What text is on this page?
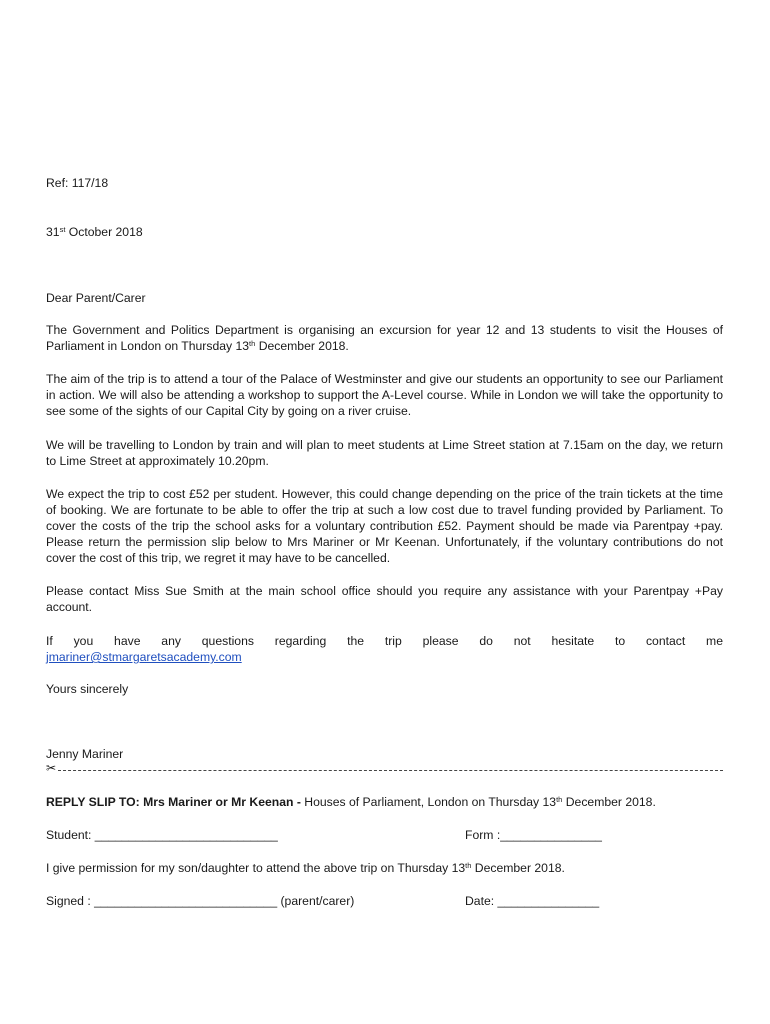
Ref: 117/18
31st October 2018
Dear Parent/Carer
The Government and Politics Department is organising an excursion for year 12 and 13 students to visit the Houses of Parliament in London on Thursday 13th December 2018.
The aim of the trip is to attend a tour of the Palace of Westminster and give our students an opportunity to see our Parliament in action. We will also be attending a workshop to support the A-Level course. While in London we will take the opportunity to see some of the sights of our Capital City by going on a river cruise.
We will be travelling to London by train and will plan to meet students at Lime Street station at 7.15am on the day, we return to Lime Street at approximately 10.20pm.
We expect the trip to cost £52 per student. However, this could change depending on the price of the train tickets at the time of booking. We are fortunate to be able to offer the trip at such a low cost due to travel funding provided by Parliament. To cover the costs of the trip the school asks for a voluntary contribution £52. Payment should be made via Parentpay +pay. Please return the permission slip below to Mrs Mariner or Mr Keenan. Unfortunately, if the voluntary contributions do not cover the cost of this trip, we regret it may have to be cancelled.
Please contact Miss Sue Smith at the main school office should you require any assistance with your Parentpay +Pay account.
If you have any questions regarding the trip please do not hesitate to contact me
jmariner@stmargaretsacademy.com
Yours sincerely
Jenny Mariner
✂
REPLY SLIP TO: Mrs Mariner or Mr Keenan - Houses of Parliament, London on Thursday 13th December 2018.
Student: ___________________________	Form :_______________
I give permission for my son/daughter to attend the above trip on Thursday 13th December 2018.
Signed : ___________________________ (parent/carer)	Date: _______________
